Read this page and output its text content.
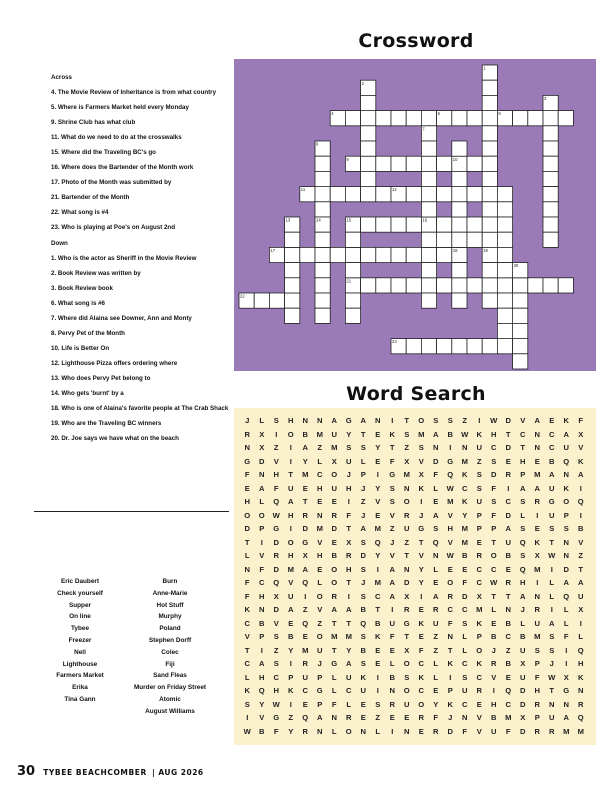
Crossword
Across
4. The Movie Review of Inheritance is from what country
5. Where is Farmers Market held every Monday
9. Shrine Club has what club
11. What do we need to do at the crosswalks
15. Where did the Traveling BC's go
16. Where does the Bartender of the Month work
17. Photo of the Month was submitted by
21. Bartender of the Month
22. What song is #4
23. Who is playing at Poe's on August 2nd
Down
1. Who is the actor as Sheriff in the Movie Review
2. Book Review was written by
3. Book Review book
6. What song is #6
7. Where did Alaina see Downer, Ann and Monty
8. Pervy Pet of the Month
10. Life is Better On
12. Lighthouse Pizza offers ordering where
13. Who does Pervy Pet belong to
14. Who gets 'burnt' by a
18. Who is one of Alaina's favorite people at The Crab Shack
19. Who are the Traveling BC winners
20. Dr. Joe says we have what on the beach
1
2
3
4	5
6
7
8
9	10
11	12
13	14	15	16
17	18	19
20
21
22
23
Word Search
J	L	S	H	N	N	A	G	A	N	I	T	O	S	S	Z	I	W	D	V	A	E	K	F
R	X	I	O	B	M	U	Y	T	E	K	S	M	A	B	W	K	H	T	C	N	C	A	X
N	X	Z	I	A	Z	M	S	S	Y	T	Z	S	N	I	N	U	C	D	T	N	C	U	V
G	D	V	I	Y	L	X	U	L	E	F	X	V	D	G	M	Z	S	E	H	E	B	Q	K
F	N	H	T	M	C	O	J	P	I	G	M	X	F	Q	K	S	D	R	P	M	A	N	A
E	A	F	U	E	H	U	H	J	Y	S	N	K	L	W	C	S	F	I	A	A	U	K	I
H	L	Q	A	T	E	E	I	Z	V	S	O	I	E	M	K	U	S	C	S	R	G	O	Q
O	O	W	H	R	N	R	F	J	E	V	R	J	A	V	Y	P	F	D	L	I	U	P	I
D	P	G	I	D	M	D	T	A	M	Z	U	G	S	H	M	P	P	A	S	E	S	S	B
T	I	D	O	G	V	E	X	S	Q	J	Z	T	Q	V	M	E	T	U	Q	K	T	N	V
L	V	R	H	X	H	B	R	D	Y	V	T	V	N	W	B	R	O	B	S	X	W	N	Z
N	F	D	M	A	E	O	H	S	I	A	N	Y	L	E	E	C	C	E	Q	M	I	D	T
F	C	Q	V	Q	L	O	T	J	M	A	D	Y	E	O	F	C	W	R	H	I	L	A	A
F	H	X	U	I	O	R	I	S	C	A	X	I	A	R	D	X	T	T	A	N	L	Q	U
K	N	D	A	Z	V	A	A	B	T	I	R	E	R	C	C	M	L	N	J	R	I	L	X
C	B	V	E	Q	Z	T	T	Q	B	U	G	K	U	F	S	K	E	B	L	U	A	L	I
V	P	S	B	E	O	M	M	S	K	F	T	E	Z	N	L	P	B	C	B	M	S	F	L
T	I	Z	Y	M	U	T	Y	B	E	E	X	F	Z	T	L	O	J	Z	U	S	S	I	Q
C	A	S	I	R	J	G	A	S	E	L	O	C	L	K	C	K	R	B	X	P	J	I	H
L	H	C	P	U	P	L	U	K	I	B	S	K	L	I	S	C	V	E	U	F	W	X	K
K	Q	H	K	C	G	L	C	U	I	N	O	C	E	P	U	R	I	Q	D	H	T	G	N
S	Y	W	I	E	P	F	L	E	S	R	U	O	Y	K	C	E	H	C	D	R	N	N	R
I	V	G	Z	Q	A	N	R	E	Z	E	E	R	F	J	N	V	B	M	X	P	U	A	Q
W	B	F	Y	R	N	L	O	N	L	I	N	E	R	D	F	V	U	F	D	R	R	M	M
Eric Daubert
Check yourself
Supper
On line
Tybee
Freezer
Nell
Lighthouse
Farmers Market
Erika
Tina Gann
Burn
Anne-Marie
Hot Stuff
Murphy
Poland
Stephen Dorff
Colec
Fiji
Sand Fleas
Murder on Friday Street
Atomic
August Williams
30 TYBEE BEACHCOMBER | AUG 2026
